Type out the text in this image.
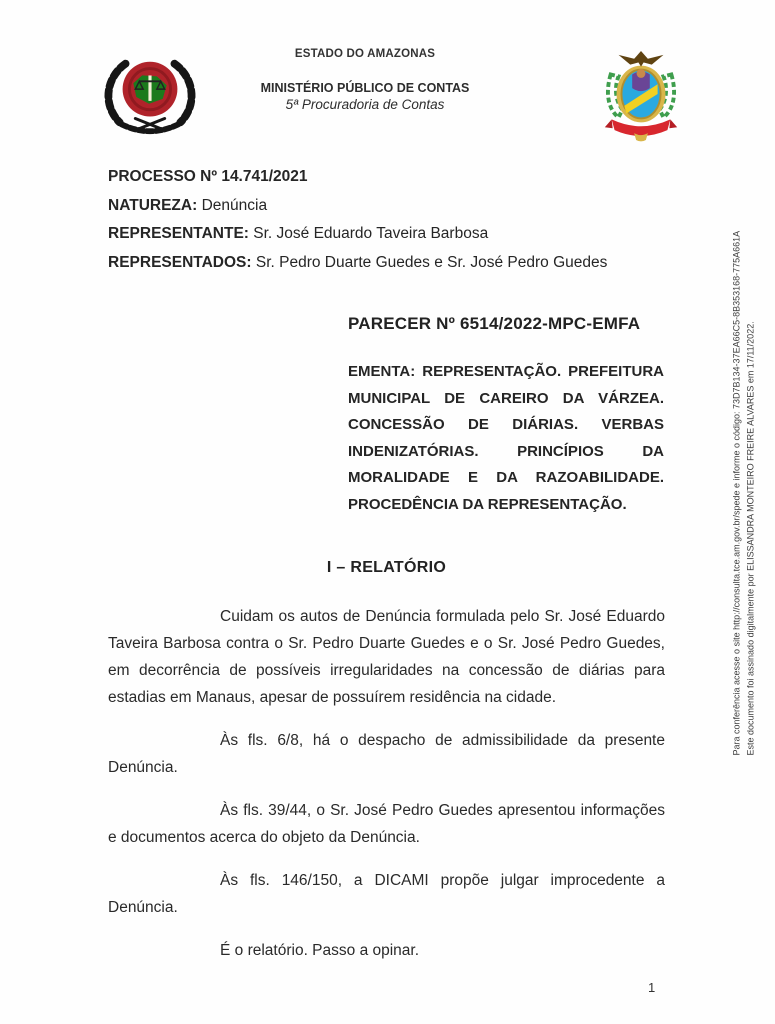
ESTADO DO AMAZONAS
MINISTÉRIO PÚBLICO DE CONTAS
5ª Procuradoria de Contas

PROCESSO Nº 14.741/2021

NATUREZA: Denúncia

REPRESENTANTE: Sr. José Eduardo Taveira Barbosa

REPRESENTADOS: Sr. Pedro Duarte Guedes e Sr. José Pedro Guedes

PARECER Nº 6514/2022-MPC-EMFA

EMENTA: REPRESENTAÇÃO. PREFEITURA MUNICIPAL DE CAREIRO DA VÁRZEA. CONCESSÃO DE DIÁRIAS. VERBAS INDENIZATÓRIAS. PRINCÍPIOS DA MORALIDADE E DA RAZOABILIDADE. PROCEDÊNCIA DA REPRESENTAÇÃO.

I – RELATÓRIO

Cuidam os autos de Denúncia formulada pelo Sr. José Eduardo Taveira Barbosa contra o Sr. Pedro Duarte Guedes e o Sr. José Pedro Guedes, em decorrência de possíveis irregularidades na concessão de diárias para estadias em Manaus, apesar de possuírem residência na cidade.

Às fls. 6/8, há o despacho de admissibilidade da presente Denúncia.

Às fls. 39/44, o Sr. José Pedro Guedes apresentou informações e documentos acerca do objeto da Denúncia.

Às fls. 146/150, a DICAMI propõe julgar improcedente a Denúncia.

É o relatório. Passo a opinar.

Para conferência acesse o site http://consulta.tce.am.gov.br/spede e informe o código: 73D7B134-37EA66C5-8B353168-775A661A Este documento foi assinado digitalmente por ELISSANDRA MONTEIRO FREIRE ALVARES em 17/11/2022.
1
